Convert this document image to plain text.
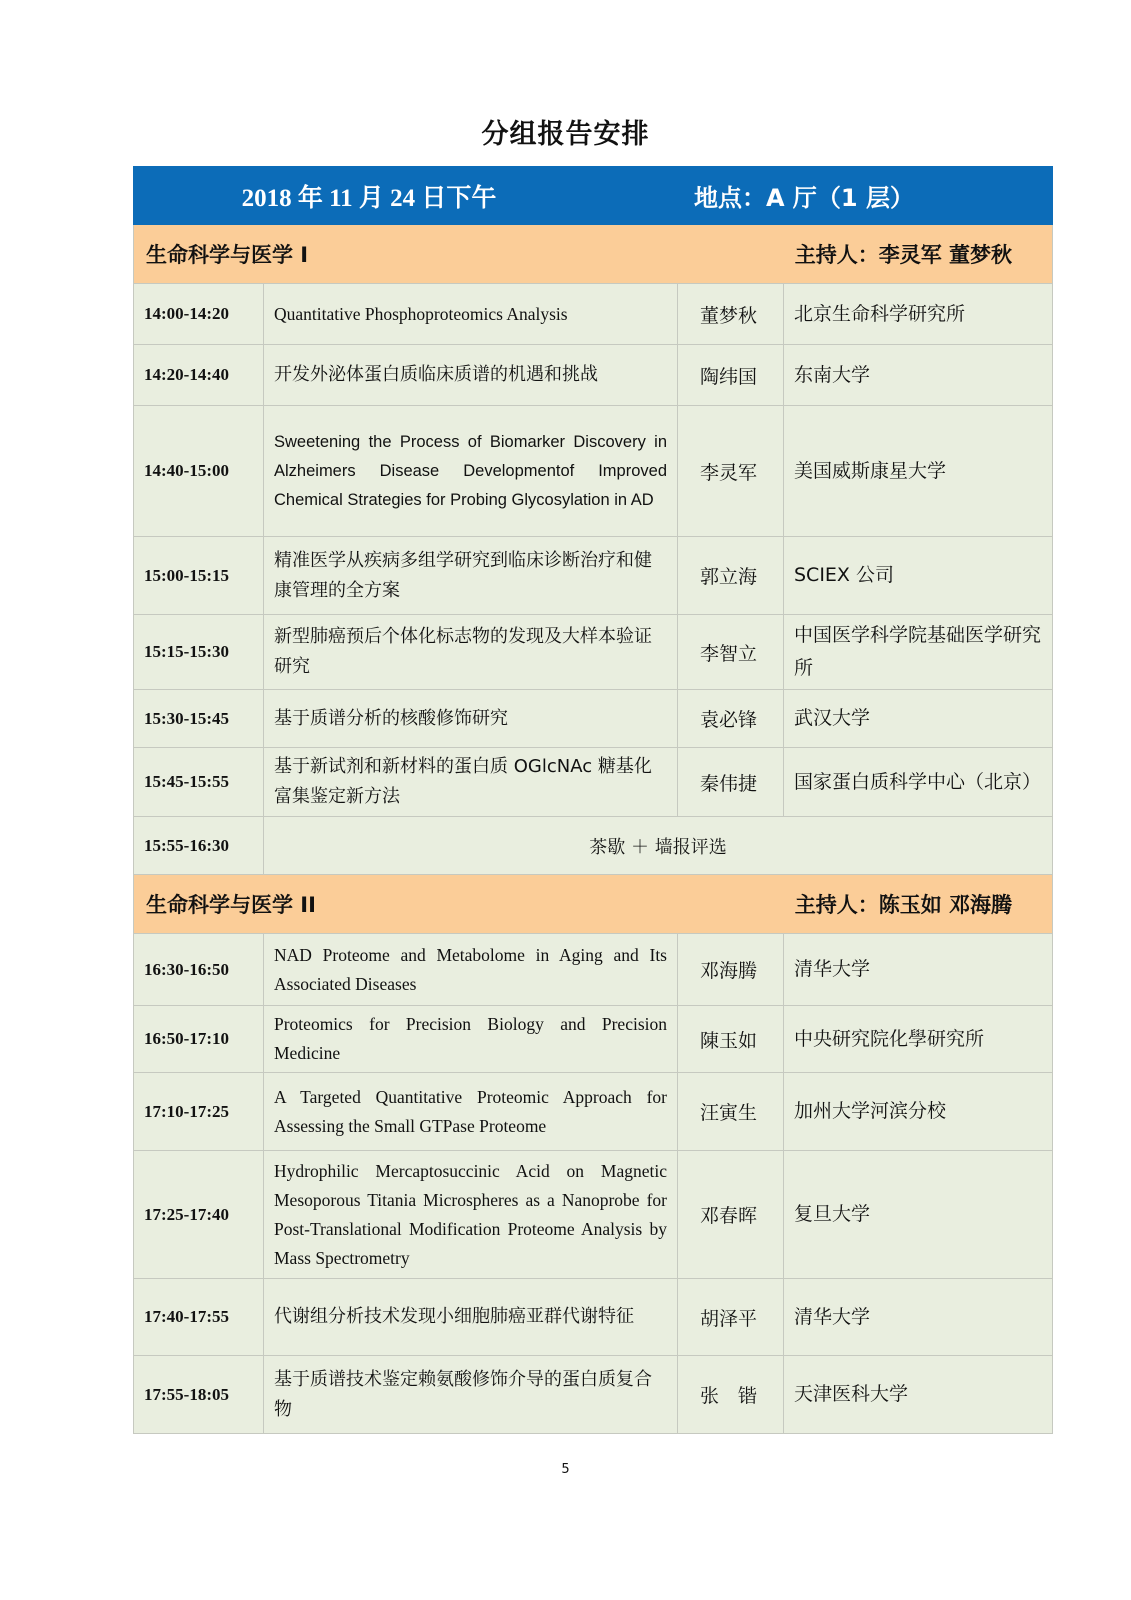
分组报告安排
2018 年 11 月 24 日下午 地点：A 厅（1 层）			

生命科学与医学 I 主持人：李灵军 董梦秋			

14:00-14:20	Quantitative Phosphoproteomics Analysis	董梦秋	北京生命科学研究所
14:20-14:40	开发外泌体蛋白质临床质谱的机遇和挑战	陶纬国	东南大学
14:40-15:00	Sweetening the Process of Biomarker Discovery in Alzheimers Disease Developmentof Improved Chemical Strategies for Probing Glycosylation in AD	李灵军	美国威斯康星大学
15:00-15:15	精准医学从疾病多组学研究到临床诊断治疗和健康管理的全方案	郭立海	SCIEX 公司
15:15-15:30	新型肺癌预后个体化标志物的发现及大样本验证研究	李智立	中国医学科学院基础医学研究所
15:30-15:45	基于质谱分析的核酸修饰研究	袁必锋	武汉大学
15:45-15:55	基于新试剂和新材料的蛋白质 OGlcNAc 糖基化富集鉴定新方法	秦伟捷	国家蛋白质科学中心（北京）
15:55-16:30	茶歇 ＋ 墙报评选		

生命科学与医学 II 主持人：陈玉如 邓海腾			

16:30-16:50	NAD Proteome and Metabolome in Aging and Its Associated Diseases	邓海腾	清华大学
16:50-17:10	Proteomics for Precision Biology and Precision Medicine	陳玉如	中央研究院化學研究所
17:10-17:25	A Targeted Quantitative Proteomic Approach for Assessing the Small GTPase Proteome	汪寅生	加州大学河滨分校
17:25-17:40	Hydrophilic Mercaptosuccinic Acid on Magnetic Mesoporous Titania Microspheres as a Nanoprobe for Post-Translational Modification Proteome Analysis by Mass Spectrometry	邓春晖	复旦大学
17:40-17:55	代谢组分析技术发现小细胞肺癌亚群代谢特征	胡泽平	清华大学
17:55-18:05	基于质谱技术鉴定赖氨酸修饰介导的蛋白质复合物	张　锴	天津医科大学
5
